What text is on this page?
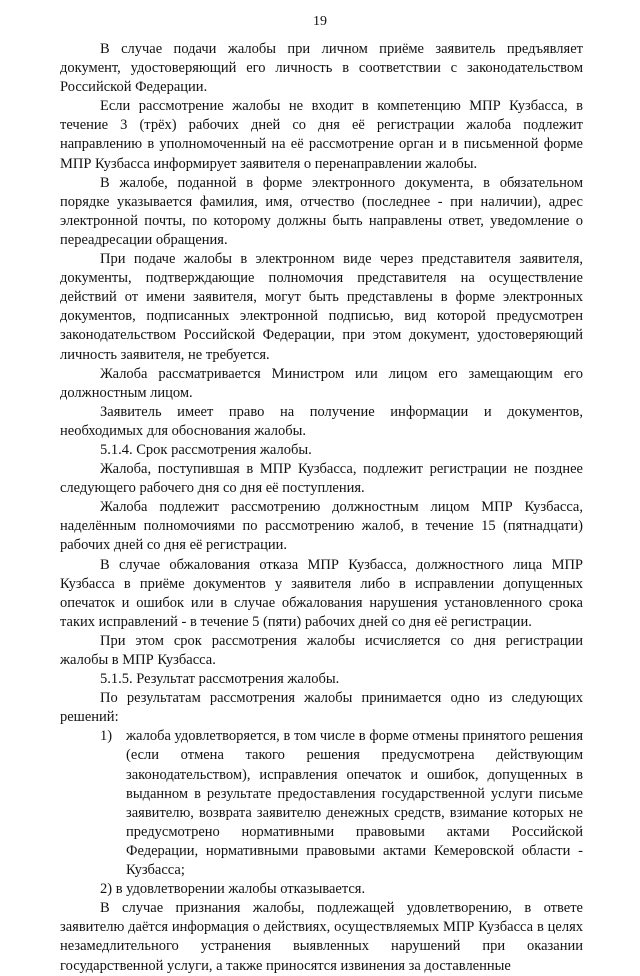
19

В случае подачи жалобы при личном приёме заявитель предъявляет документ, удостоверяющий его личность в соответствии с законодательством Российской Федерации.

Если рассмотрение жалобы не входит в компетенцию МПР Кузбасса, в течение 3 (трёх) рабочих дней со дня её регистрации жалоба подлежит направлению в уполномоченный на её рассмотрение орган и в письменной форме МПР Кузбасса информирует заявителя о перенаправлении жалобы.

В жалобе, поданной в форме электронного документа, в обязательном порядке указывается фамилия, имя, отчество (последнее - при наличии), адрес электронной почты, по которому должны быть направлены ответ, уведомление о переадресации обращения.

При подаче жалобы в электронном виде через представителя заявителя, документы, подтверждающие полномочия представителя на осуществление действий от имени заявителя, могут быть представлены в форме электронных документов, подписанных электронной подписью, вид которой предусмотрен законодательством Российской Федерации, при этом документ, удостоверяющий личность заявителя, не требуется.

Жалоба рассматривается Министром или лицом его замещающим его должностным лицом.

Заявитель имеет право на получение информации и документов, необходимых для обоснования жалобы.

5.1.4. Срок рассмотрения жалобы.

Жалоба, поступившая в МПР Кузбасса, подлежит регистрации не позднее следующего рабочего дня со дня её поступления.

Жалоба подлежит рассмотрению должностным лицом МПР Кузбасса, наделённым полномочиями по рассмотрению жалоб, в течение 15 (пятнадцати) рабочих дней со дня её регистрации.

В случае обжалования отказа МПР Кузбасса, должностного лица МПР Кузбасса в приёме документов у заявителя либо в исправлении допущенных опечаток и ошибок или в случае обжалования нарушения установленного срока таких исправлений - в течение 5 (пяти) рабочих дней со дня её регистрации.

При этом срок рассмотрения жалобы исчисляется со дня регистрации жалобы в МПР Кузбасса.

5.1.5. Результат рассмотрения жалобы.

По результатам рассмотрения жалобы принимается одно из следующих решений:

1) жалоба удовлетворяется, в том числе в форме отмены принятого решения (если отмена такого решения предусмотрена действующим законодательством), исправления опечаток и ошибок, допущенных в выданном в результате предоставления государственной услуги письме заявителю, возврата заявителю денежных средств, взимание которых не предусмотрено нормативными правовыми актами Российской Федерации, нормативными правовыми актами Кемеровской области - Кузбасса;

2) в удовлетворении жалобы отказывается.

В случае признания жалобы, подлежащей удовлетворению, в ответе заявителю даётся информация о действиях, осуществляемых МПР Кузбасса в целях незамедлительного устранения выявленных нарушений при оказании государственной услуги, а также приносятся извинения за доставленные
